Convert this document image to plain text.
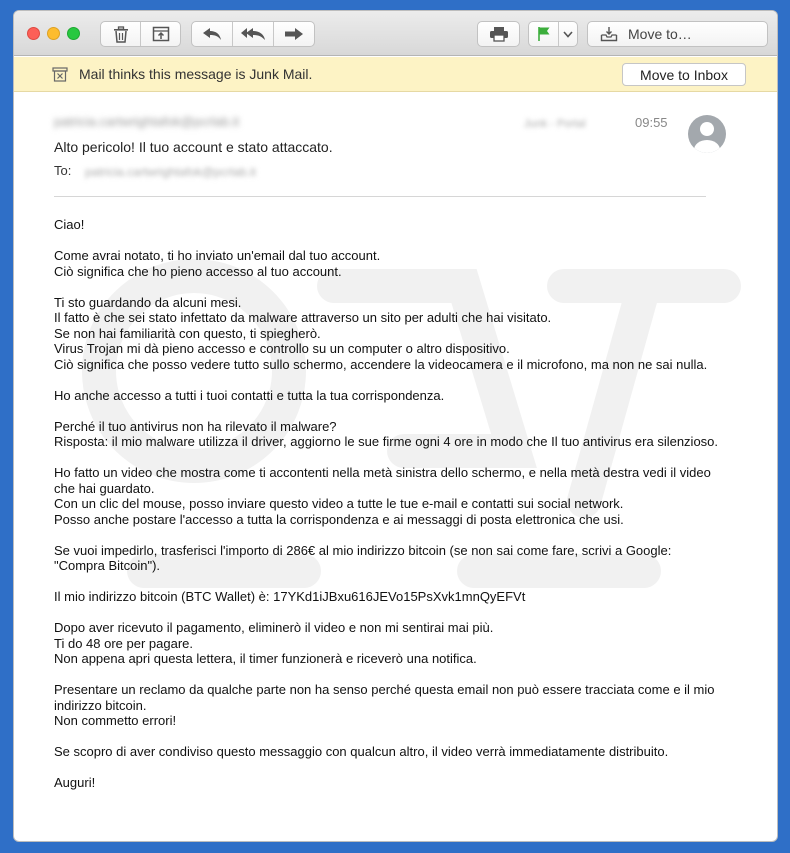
Move to…
Mail thinks this message is Junk Mail.	Move to Inbox
patricia.cartwrightafok@pcrlab.it	Junk - Portal	09:55
Alto pericolo! Il tuo account e stato attaccato.
To: patricia.cartwrightafok@pcrlab.it

Ciao!

Come avrai notato, ti ho inviato un'email dal tuo account.
Ciò significa che ho pieno accesso al tuo account.

Ti sto guardando da alcuni mesi.
Il fatto è che sei stato infettato da malware attraverso un sito per adulti che hai visitato.
Se non hai familiarità con questo, ti spiegherò.
Virus Trojan mi dà pieno accesso e controllo su un computer o altro dispositivo.
Ciò significa che posso vedere tutto sullo schermo, accendere la videocamera e il microfono, ma non ne sai nulla.

Ho anche accesso a tutti i tuoi contatti e tutta la tua corrispondenza.

Perché il tuo antivirus non ha rilevato il malware?
Risposta: il mio malware utilizza il driver, aggiorno le sue firme ogni 4 ore in modo che Il tuo antivirus era silenzioso.

Ho fatto un video che mostra come ti accontenti nella metà sinistra dello schermo, e nella metà destra vedi il video
che hai guardato.
Con un clic del mouse, posso inviare questo video a tutte le tue e-mail e contatti sui social network.
Posso anche postare l'accesso a tutta la corrispondenza e ai messaggi di posta elettronica che usi.

Se vuoi impedirlo, trasferisci l'importo di 286€ al mio indirizzo bitcoin (se non sai come fare, scrivi a Google:
"Compra Bitcoin").

Il mio indirizzo bitcoin (BTC Wallet) è: 17YKd1iJBxu616JEVo15PsXvk1mnQyEFVt

Dopo aver ricevuto il pagamento, eliminerò il video e non mi sentirai mai più.
Ti do 48 ore per pagare.
Non appena apri questa lettera, il timer funzionerà e riceverò una notifica.

Presentare un reclamo da qualche parte non ha senso perché questa email non può essere tracciata come e il mio
indirizzo bitcoin.
Non commetto errori!

Se scopro di aver condiviso questo messaggio con qualcun altro, il video verrà immediatamente distribuito.

Auguri!
